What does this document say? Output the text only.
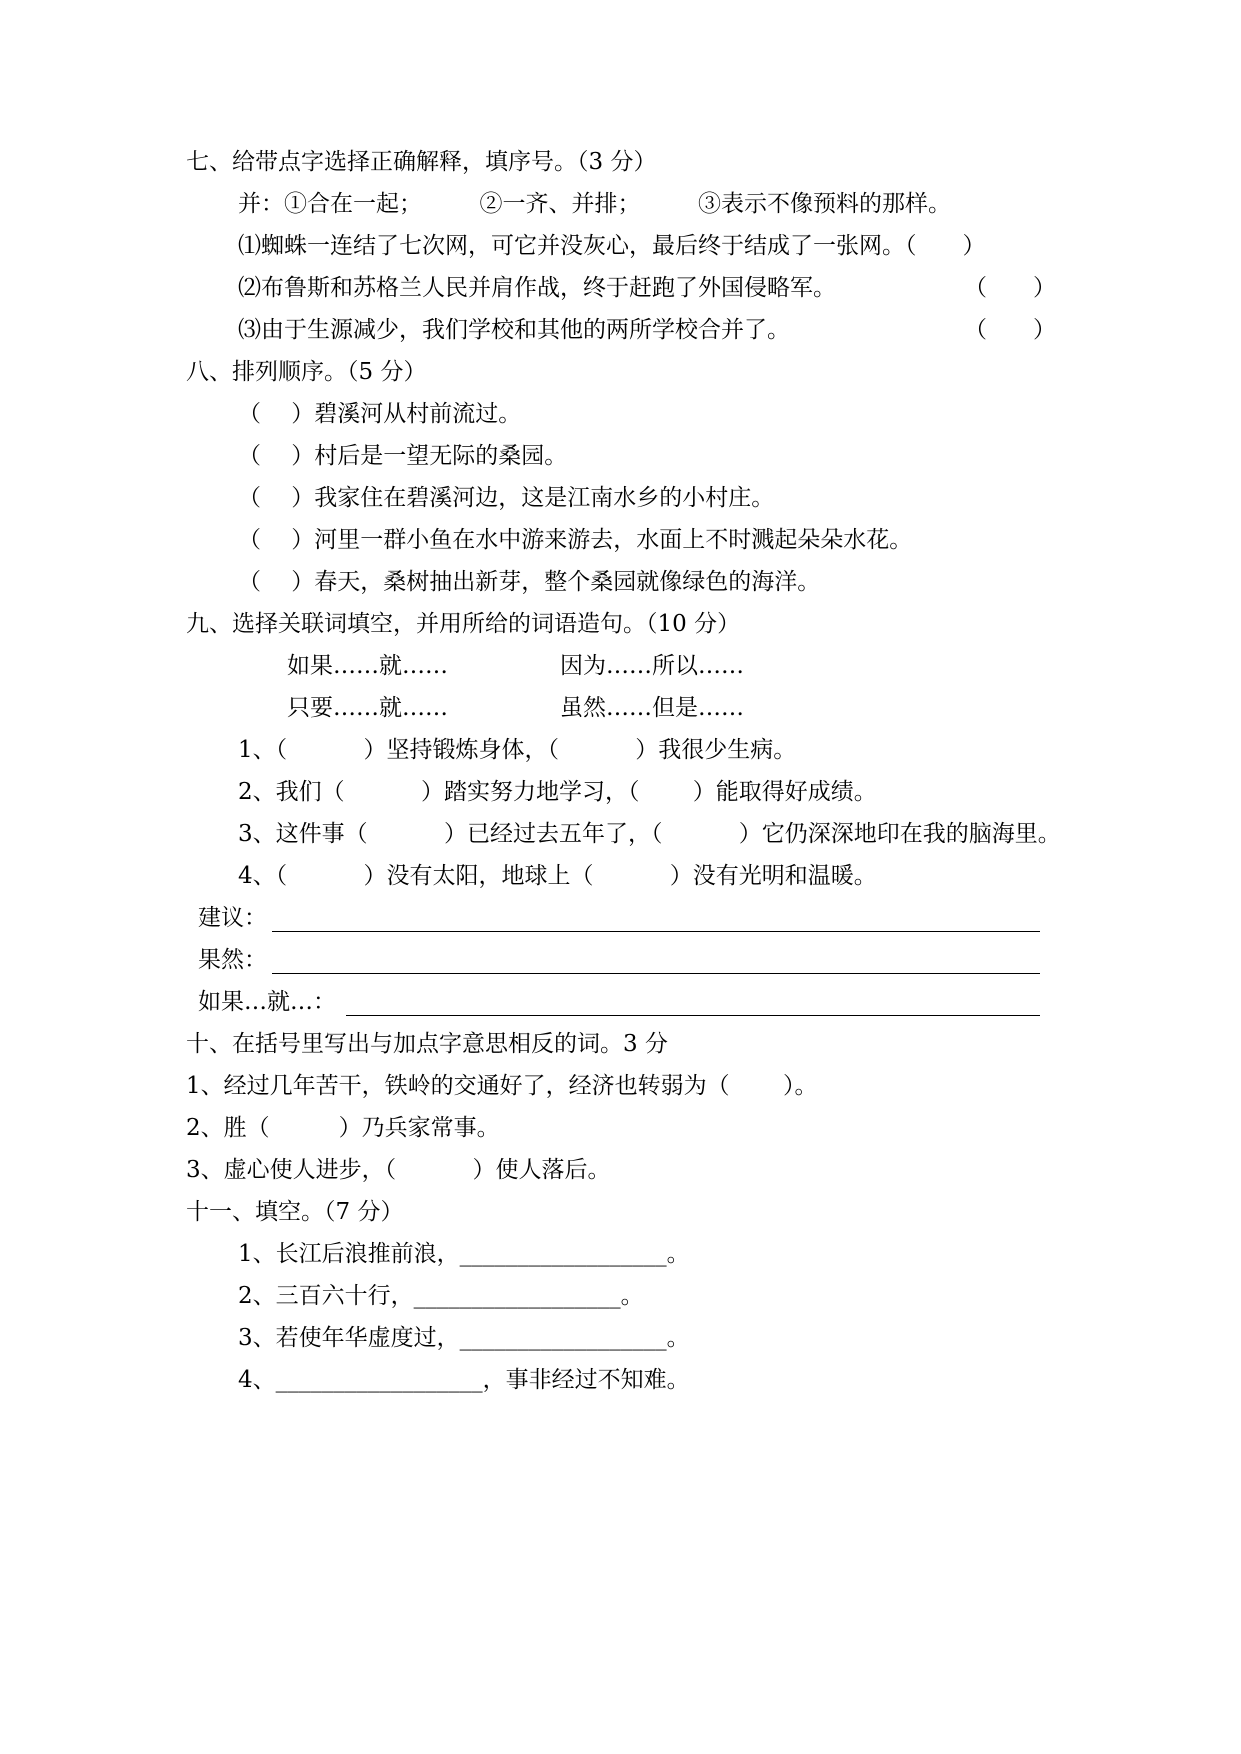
七、给带点字选择正确解释，填序号。（3 分）
并：①合在一起；　　　②一齐、并排；　　　③表示不像预料的那样。
⑴蜘蛛一连结了七次网，可它并没灰心，最后终于结成了一张网。（　　）
⑵布鲁斯和苏格兰人民并肩作战，终于赶跑了外国侵略军。	（　　）
⑶由于生源减少，我们学校和其他的两所学校合并了。	（　　）
八、排列顺序。（5 分）
（　 ）碧溪河从村前流过。
（　 ）村后是一望无际的桑园。
（　 ）我家住在碧溪河边，这是江南水乡的小村庄。
（　 ）河里一群小鱼在水中游来游去，水面上不时溅起朵朵水花。
（　 ）春天，桑树抽出新芽，整个桑园就像绿色的海洋。
九、选择关联词填空，并用所给的词语造句。（10 分）
如果……就……	因为……所以……
只要……就……	虽然……但是……
1、（　　　 ）坚持锻炼身体，（　　　 ）我很少生病。
2、我们（　　　 ）踏实努力地学习，（　　 ）能取得好成绩。
3、这件事（　　　 ）已经过去五年了，（　　　 ）它仍深深地印在我的脑海里。
4、（　　　 ）没有太阳，地球上（　　　 ）没有光明和温暖。
建议：
果然：
如果…就…：
十、在括号里写出与加点字意思相反的词。3 分
1、经过几年苦干，铁岭的交通好了，经济也转弱为（　　 ）。
2、胜（　　　）乃兵家常事。
3、虚心使人进步，（　　　 ）使人落后。
十一、填空。（7 分）
1、长江后浪推前浪，__________________。
2、三百六十行，__________________。
3、若使年华虚度过，__________________。
4、__________________，事非经过不知难。
